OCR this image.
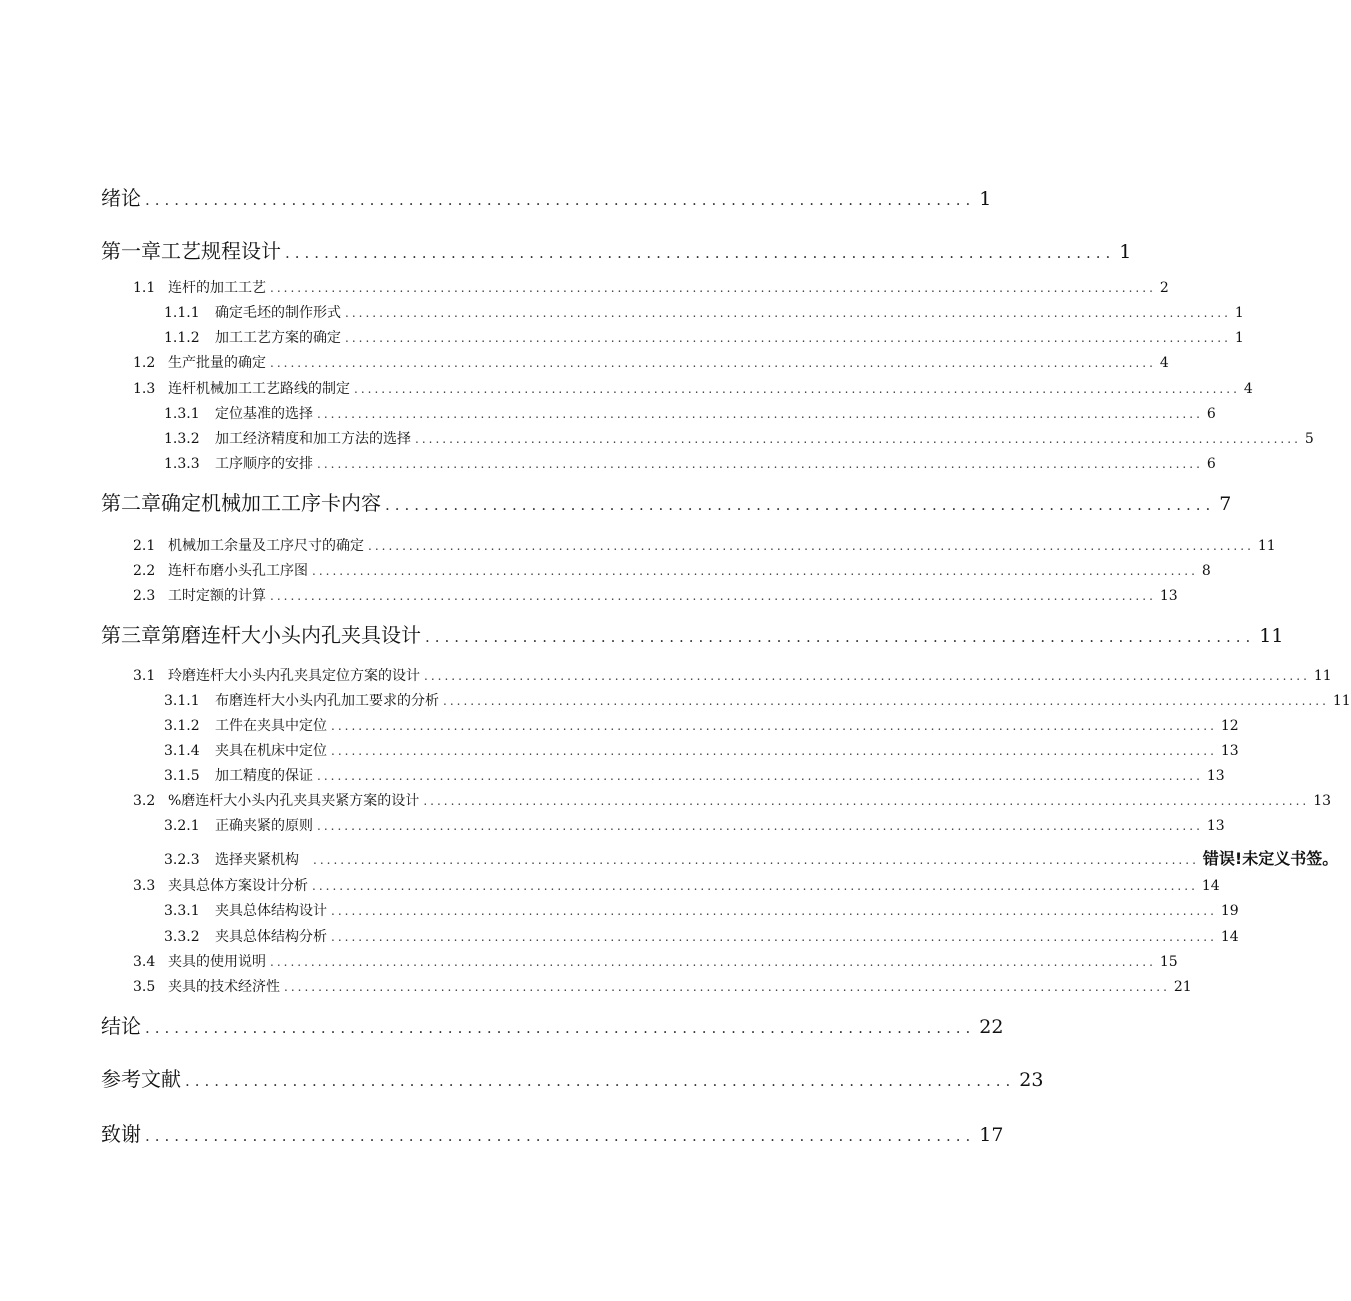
绪论 ..................................................................................... 1
第一章工艺规程设计 ..................................................................................... 1
1.1 连杆的加工工艺 .................................................................................................................................. 2
1.1.1	确定毛坯的制作形式 .................................................................................................................................. 1
1.1.2	加工工艺方案的确定 .................................................................................................................................. 1
1.2 生产批量的确定 .................................................................................................................................. 4
1.3 连杆机械加工工艺路线的制定 .................................................................................................................................. 4
1.3.1	定位基准的选择 .................................................................................................................................. 6
1.3.2	加工经济精度和加工方法的选择 .................................................................................................................................. 5
1.3.3	工序顺序的安排 .................................................................................................................................. 6
第二章确定机械加工工序卡内容 ..................................................................................... 7
2.1 机械加工余量及工序尺寸的确定 .................................................................................................................................. 11
2.2 连杆布磨小头孔工序图 .................................................................................................................................. 8
2.3 工时定额的计算 .................................................................................................................................. 13
第三章第磨连杆大小头内孔夹具设计 ..................................................................................... 11
3.1 玲磨连杆大小头内孔夹具定位方案的设计 .................................................................................................................................. 11
3.1.1	布磨连杆大小头内孔加工要求的分析 .................................................................................................................................. 11
3.1.2	工件在夹具中定位 .................................................................................................................................. 12
3.1.4	夹具在机床中定位 .................................................................................................................................. 13
3.1.5	加工精度的保证 .................................................................................................................................. 13
3.2 %磨连杆大小头内孔夹具夹紧方案的设计 .................................................................................................................................. 13
3.2.1	正确夹紧的原则 .................................................................................................................................. 13
3.2.3	选择夹紧机构 .................................................................................................................................. 错误!未定义书签。
3.3 夹具总体方案设计分析 .................................................................................................................................. 14
3.3.1	夹具总体结构设计 .................................................................................................................................. 19
3.3.2	夹具总体结构分析 .................................................................................................................................. 14
3.4 夹具的使用说明 .................................................................................................................................. 15
3.5 夹具的技术经济性 .................................................................................................................................. 21
结论 ..................................................................................... 22
参考文献 ..................................................................................... 23
致谢 ..................................................................................... 17
